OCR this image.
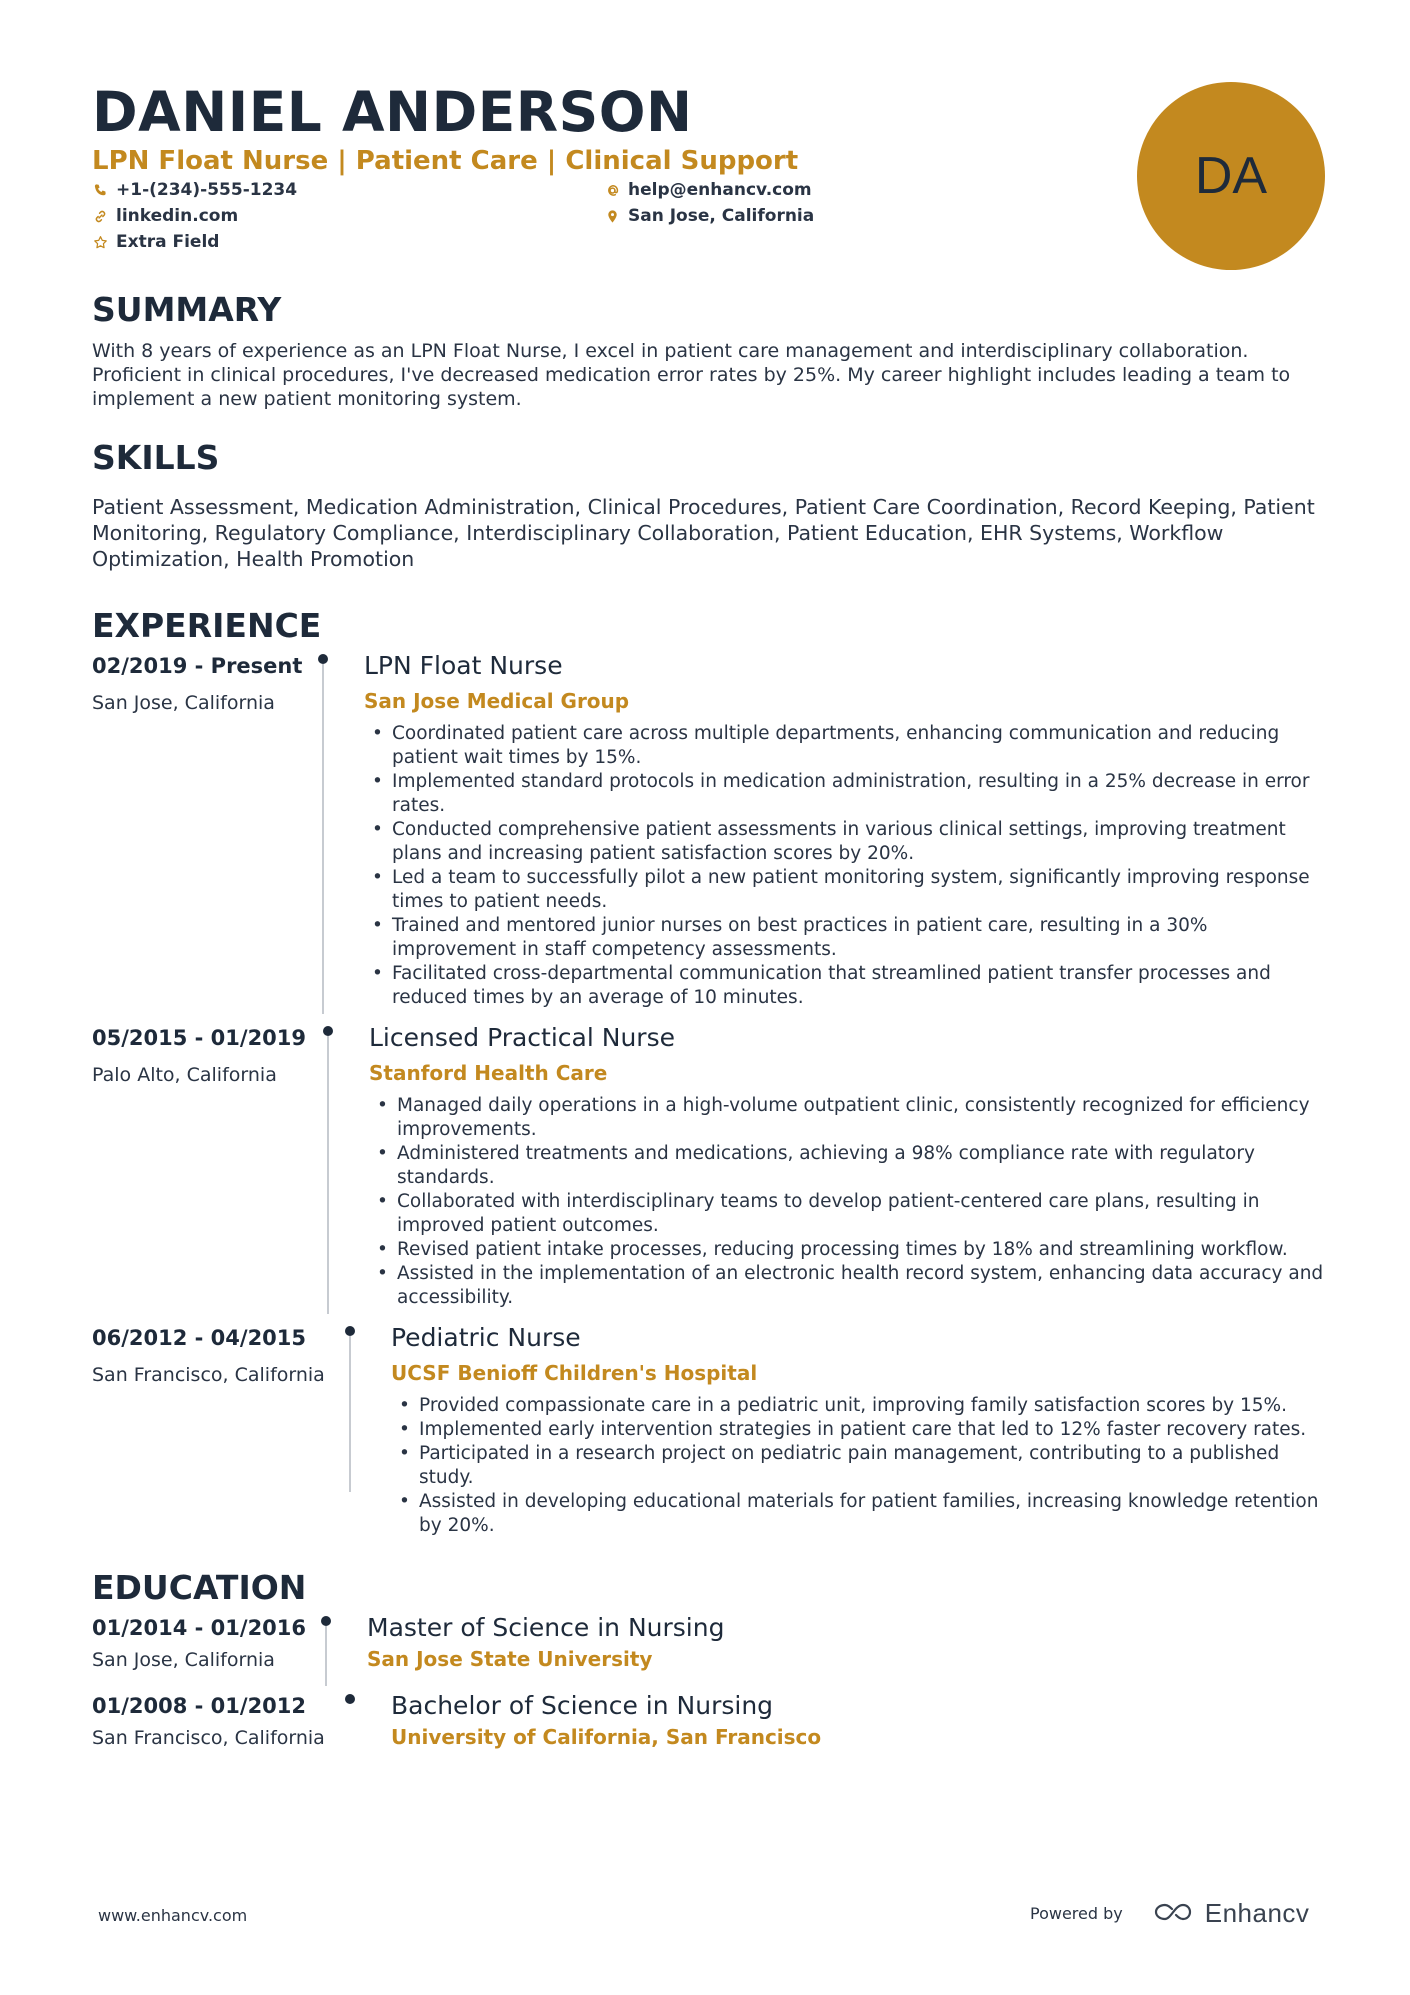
DANIEL ANDERSON
LPN Float Nurse | Patient Care | Clinical Support
+1-(234)-555-1234	help@enhancv.com
linkedin.com	San Jose, California
Extra Field
DA
SUMMARY
With 8 years of experience as an LPN Float Nurse, I excel in patient care management and interdisciplinary collaboration. Proficient in clinical procedures, I've decreased medication error rates by 25%. My career highlight includes leading a team to implement a new patient monitoring system.
SKILLS
Patient Assessment, Medication Administration, Clinical Procedures, Patient Care Coordination, Record Keeping, Patient Monitoring, Regulatory Compliance, Interdisciplinary Collaboration, Patient Education, EHR Systems, Workflow Optimization, Health Promotion
EXPERIENCE
02/2019 - Present
San Jose, California
LPN Float Nurse
San Jose Medical Group
• Coordinated patient care across multiple departments, enhancing communication and reducing patient wait times by 15%.
• Implemented standard protocols in medication administration, resulting in a 25% decrease in error rates.
• Conducted comprehensive patient assessments in various clinical settings, improving treatment plans and increasing patient satisfaction scores by 20%.
• Led a team to successfully pilot a new patient monitoring system, significantly improving response times to patient needs.
• Trained and mentored junior nurses on best practices in patient care, resulting in a 30% improvement in staff competency assessments.
• Facilitated cross-departmental communication that streamlined patient transfer processes and reduced times by an average of 10 minutes.
05/2015 - 01/2019
Palo Alto, California
Licensed Practical Nurse
Stanford Health Care
• Managed daily operations in a high-volume outpatient clinic, consistently recognized for efficiency improvements.
• Administered treatments and medications, achieving a 98% compliance rate with regulatory standards.
• Collaborated with interdisciplinary teams to develop patient-centered care plans, resulting in improved patient outcomes.
• Revised patient intake processes, reducing processing times by 18% and streamlining workflow.
• Assisted in the implementation of an electronic health record system, enhancing data accuracy and accessibility.
06/2012 - 04/2015
San Francisco, California
Pediatric Nurse
UCSF Benioff Children's Hospital
• Provided compassionate care in a pediatric unit, improving family satisfaction scores by 15%.
• Implemented early intervention strategies in patient care that led to 12% faster recovery rates.
• Participated in a research project on pediatric pain management, contributing to a published study.
• Assisted in developing educational materials for patient families, increasing knowledge retention by 20%.
EDUCATION
01/2014 - 01/2016
San Jose, California
Master of Science in Nursing
San Jose State University
01/2008 - 01/2012
San Francisco, California
Bachelor of Science in Nursing
University of California, San Francisco
www.enhancv.com	Powered by	Enhancv
